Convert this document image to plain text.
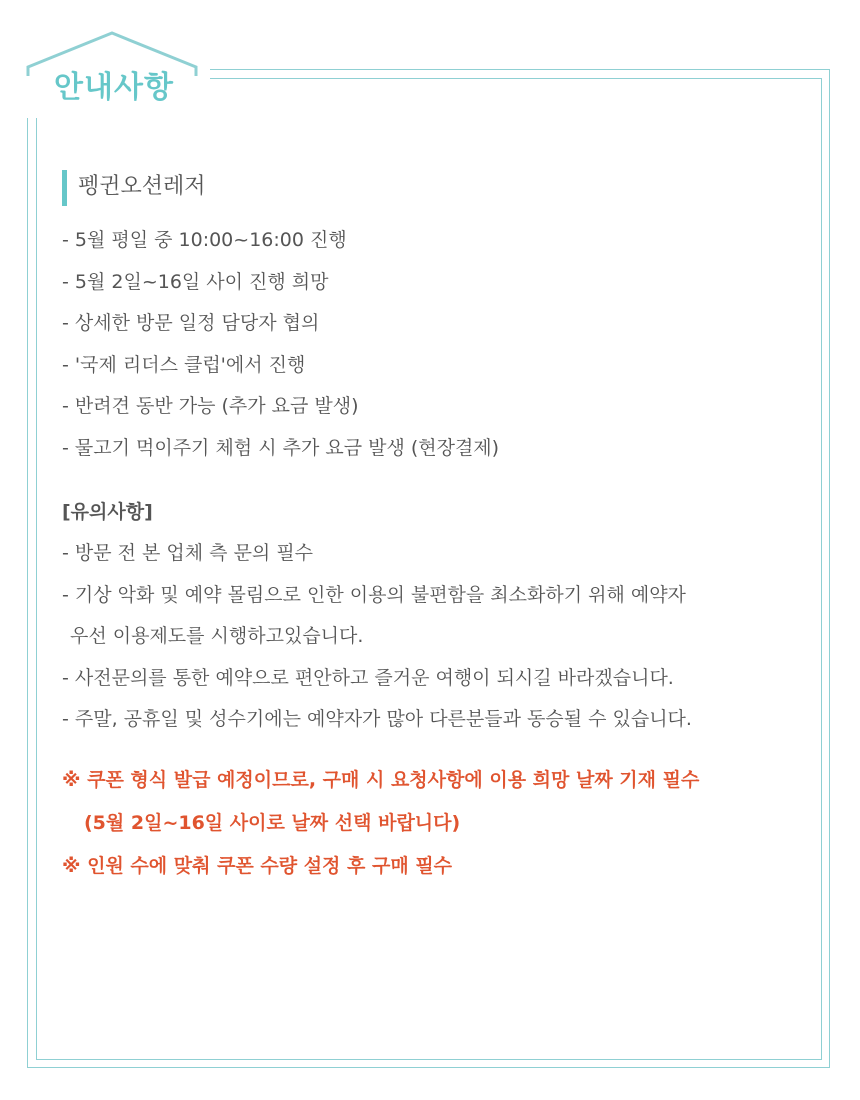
안내사항
펭귄오션레저
- 5월 평일 중 10:00~16:00 진행
- 5월 2일~16일 사이 진행 희망
- 상세한 방문 일정 담당자 협의
- '국제 리더스 클럽'에서 진행
- 반려견 동반 가능 (추가 요금 발생)
- 물고기 먹이주기 체험 시 추가 요금 발생 (현장결제)
[유의사항]
- 방문 전 본 업체 측 문의 필수
- 기상 악화 및 예약 몰림으로 인한 이용의 불편함을 최소화하기 위해 예약자
우선 이용제도를 시행하고있습니다.
- 사전문의를 통한 예약으로 편안하고 즐거운 여행이 되시길 바라겠습니다.
- 주말, 공휴일 및 성수기에는 예약자가 많아 다른분들과 동승될 수 있습니다.
※ 쿠폰 형식 발급 예정이므로, 구매 시 요청사항에 이용 희망 날짜 기재 필수
(5월 2일~16일 사이로 날짜 선택 바랍니다)
※ 인원 수에 맞춰 쿠폰 수량 설정 후 구매 필수
